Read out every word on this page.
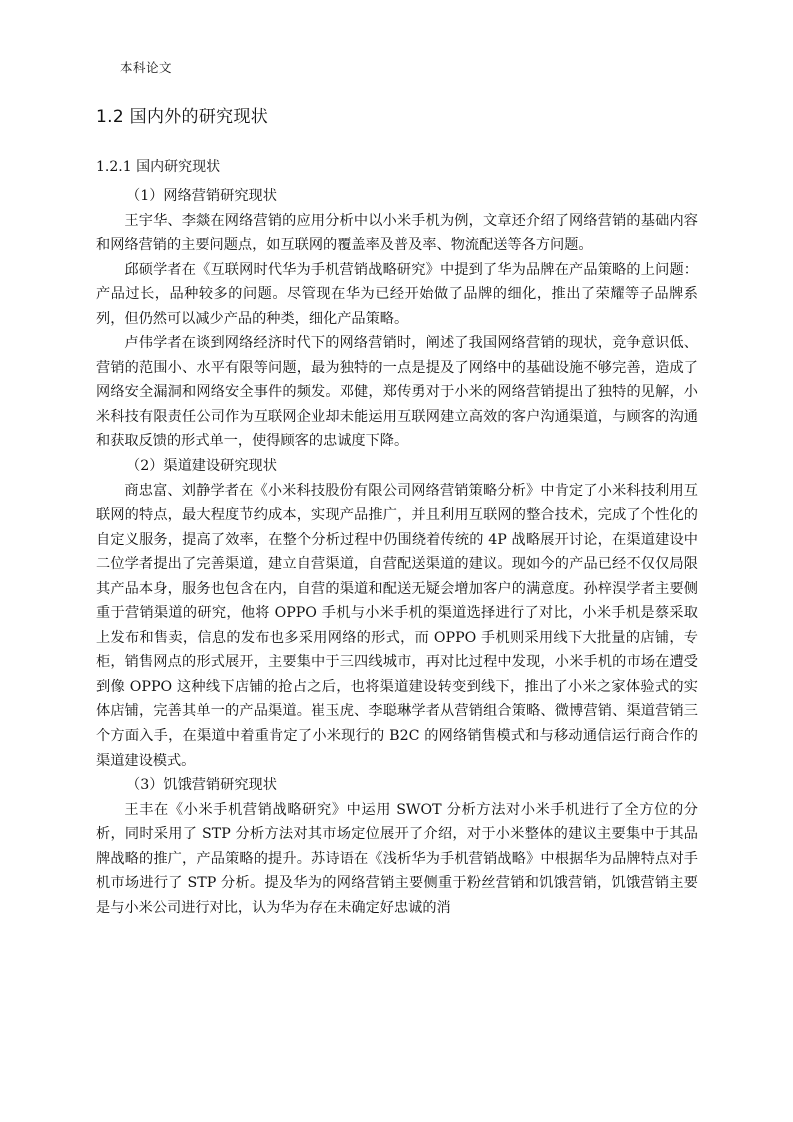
本科论文
1.2 国内外的研究现状
1.2.1 国内研究现状

（1）网络营销研究现状

王宇华、李燚在网络营销的应用分析中以小米手机为例，文章还介绍了网络营销的基础内容和网络营销的主要问题点，如互联网的覆盖率及普及率、物流配送等各方问题。

邱硕学者在《互联网时代华为手机营销战略研究》中提到了华为品牌在产品策略的上问题：产品过长，品种较多的问题。尽管现在华为已经开始做了品牌的细化，推出了荣耀等子品牌系列，但仍然可以减少产品的种类，细化产品策略。

卢伟学者在谈到网络经济时代下的网络营销时，阐述了我国网络营销的现状，竞争意识低、营销的范围小、水平有限等问题，最为独特的一点是提及了网络中的基础设施不够完善，造成了网络安全漏洞和网络安全事件的频发。邓健，郑传勇对于小米的网络营销提出了独特的见解，小米科技有限责任公司作为互联网企业却未能运用互联网建立高效的客户沟通渠道，与顾客的沟通和获取反馈的形式单一，使得顾客的忠诚度下降。

（2）渠道建设研究现状

商忠富、刘静学者在《小米科技股份有限公司网络营销策略分析》中肯定了小米科技利用互联网的特点，最大程度节约成本，实现产品推广，并且利用互联网的整合技术，完成了个性化的自定义服务，提高了效率，在整个分析过程中仍围绕着传统的 4P 战略展开讨论，在渠道建设中二位学者提出了完善渠道，建立自营渠道，自营配送渠道的建议。现如今的产品已经不仅仅局限其产品本身，服务也包含在内，自营的渠道和配送无疑会增加客户的满意度。孙梓淏学者主要侧重于营销渠道的研究，他将 OPPO 手机与小米手机的渠道选择进行了对比，小米手机是蔡采取上发布和售卖，信息的发布也多采用网络的形式，而 OPPO 手机则采用线下大批量的店铺，专柜，销售网点的形式展开，主要集中于三四线城市，再对比过程中发现，小米手机的市场在遭受到像 OPPO 这种线下店铺的抢占之后，也将渠道建设转变到线下，推出了小米之家体验式的实体店铺，完善其单一的产品渠道。崔玉虎、李聪琳学者从营销组合策略、微博营销、渠道营销三个方面入手，在渠道中着重肯定了小米现行的 B2C 的网络销售模式和与移动通信运行商合作的渠道建设模式。

（3）饥饿营销研究现状

王丰在《小米手机营销战略研究》中运用 SWOT 分析方法对小米手机进行了全方位的分析，同时采用了 STP 分析方法对其市场定位展开了介绍，对于小米整体的建议主要集中于其品牌战略的推广，产品策略的提升。苏诗语在《浅析华为手机营销战略》中根据华为品牌特点对手机市场进行了 STP 分析。提及华为的网络营销主要侧重于粉丝营销和饥饿营销，饥饿营销主要是与小米公司进行对比，认为华为存在未确定好忠诚的消
